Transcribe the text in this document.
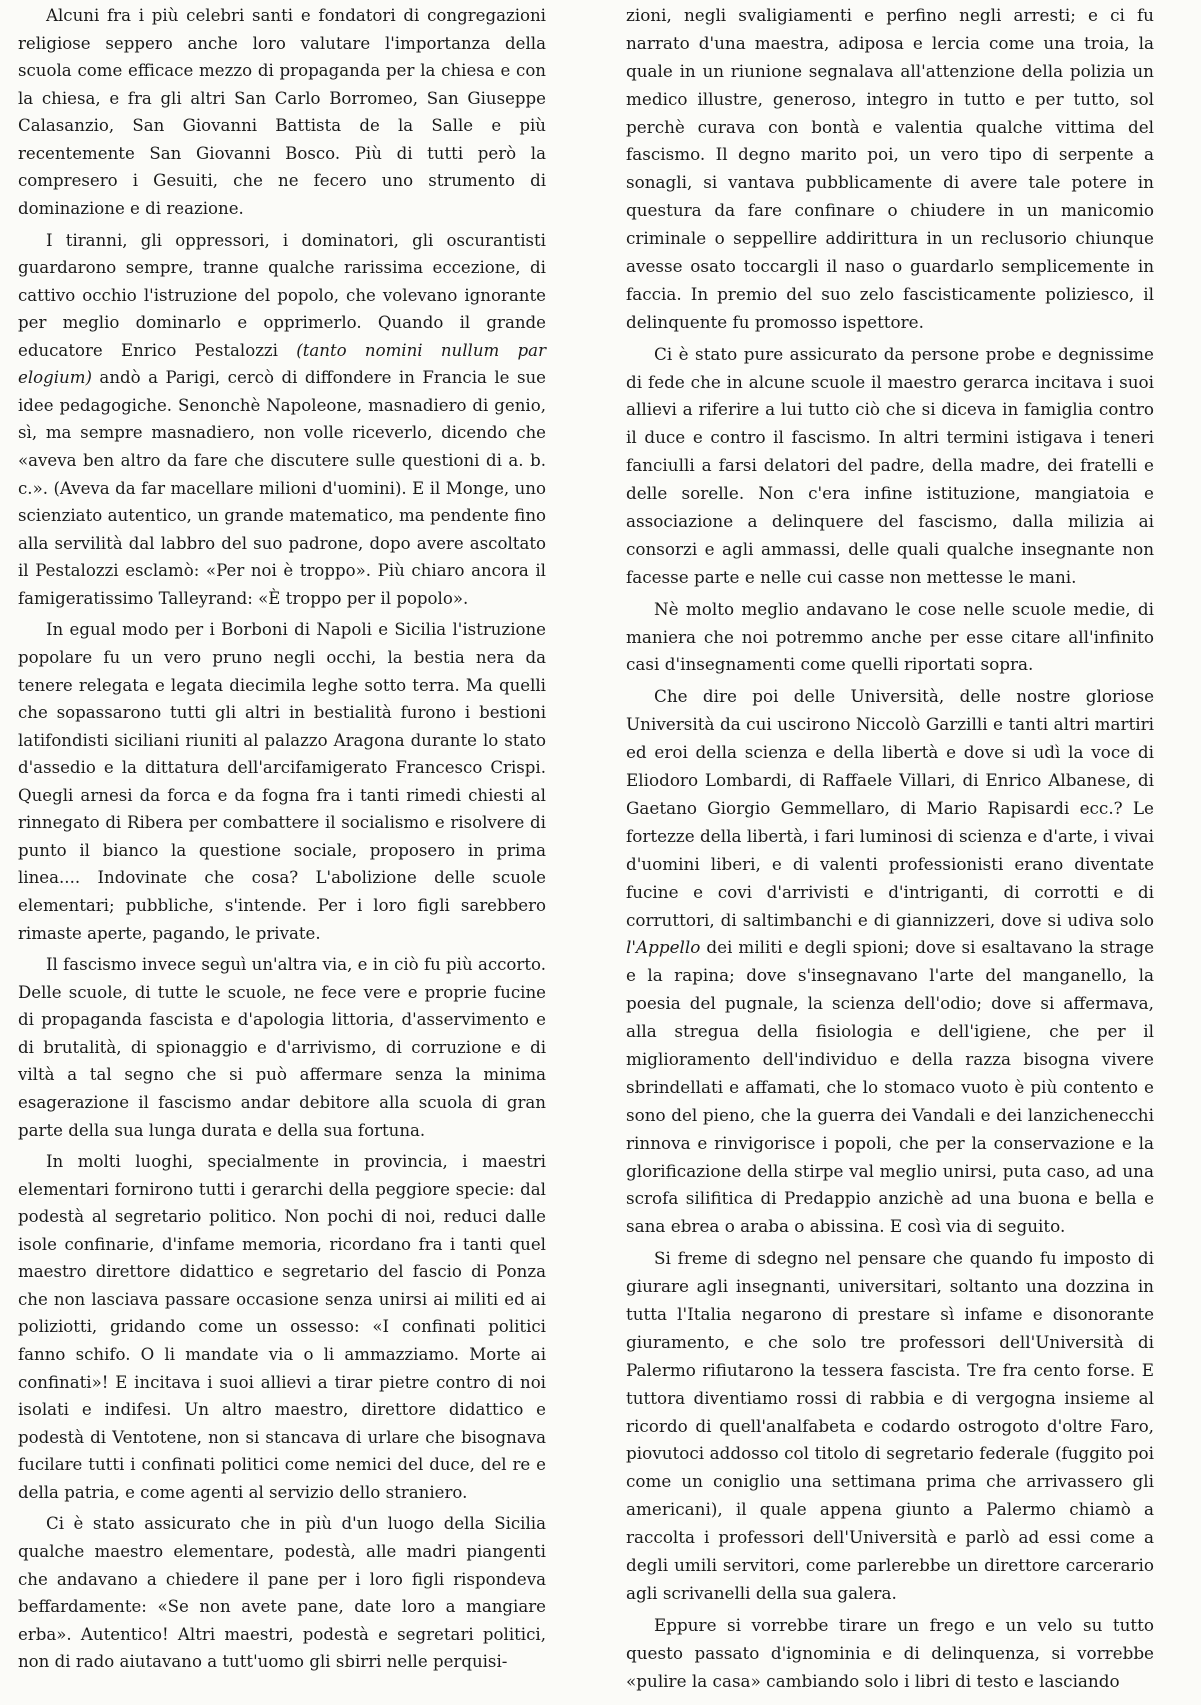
Alcuni fra i più celebri santi e fondatori di congregazioni religiose seppero anche loro valutare l'importanza della scuola come efficace mezzo di propaganda per la chiesa e con la chiesa, e fra gli altri San Carlo Borromeo, San Giuseppe Calasanzio, San Giovanni Battista de la Salle e più recentemente San Giovanni Bosco. Più di tutti però la compresero i Gesuiti, che ne fecero uno strumento di dominazione e di reazione.

I tiranni, gli oppressori, i dominatori, gli oscurantisti guardarono sempre, tranne qualche rarissima eccezione, di cattivo occhio l'istruzione del popolo, che volevano ignorante per meglio dominarlo e opprimerlo. Quando il grande educatore Enrico Pestalozzi (tanto nomini nullum par elogium) andò a Parigi, cercò di diffondere in Francia le sue idee pedagogiche. Senonchè Napoleone, masnadiero di genio, sì, ma sempre masnadiero, non volle riceverlo, dicendo che «aveva ben altro da fare che discutere sulle questioni di a. b. c.». (Aveva da far macellare milioni d'uomini). E il Monge, uno scienziato autentico, un grande matematico, ma pendente fino alla servilità dal labbro del suo padrone, dopo avere ascoltato il Pestalozzi esclamò: «Per noi è troppo». Più chiaro ancora il famigeratissimo Talleyrand: «È troppo per il popolo».

In egual modo per i Borboni di Napoli e Sicilia l'istruzione popolare fu un vero pruno negli occhi, la bestia nera da tenere relegata e legata diecimila leghe sotto terra. Ma quelli che sopassarono tutti gli altri in bestialità furono i bestioni latifondisti siciliani riuniti al palazzo Aragona durante lo stato d'assedio e la dittatura dell'arcifamigerato Francesco Crispi. Quegli arnesi da forca e da fogna fra i tanti rimedi chiesti al rinnegato di Ribera per combattere il socialismo e risolvere di punto il bianco la questione sociale, proposero in prima linea.... Indovinate che cosa? L'abolizione delle scuole elementari; pubbliche, s'intende. Per i loro figli sarebbero rimaste aperte, pagando, le private.

Il fascismo invece seguì un'altra via, e in ciò fu più accorto. Delle scuole, di tutte le scuole, ne fece vere e proprie fucine di propaganda fascista e d'apologia littoria, d'asservimento e di brutalità, di spionaggio e d'arrivismo, di corruzione e di viltà a tal segno che si può affermare senza la minima esagerazione il fascismo andar debitore alla scuola di gran parte della sua lunga durata e della sua fortuna.

In molti luoghi, specialmente in provincia, i maestri elementari fornirono tutti i gerarchi della peggiore specie: dal podestà al segretario politico. Non pochi di noi, reduci dalle isole confinarie, d'infame memoria, ricordano fra i tanti quel maestro direttore didattico e segretario del fascio di Ponza che non lasciava passare occasione senza unirsi ai militi ed ai poliziotti, gridando come un ossesso: «I confinati politici fanno schifo. O li mandate via o li ammazziamo. Morte ai confinati»! E incitava i suoi allievi a tirar pietre contro di noi isolati e indifesi. Un altro maestro, direttore didattico e podestà di Ventotene, non si stancava di urlare che bisognava fucilare tutti i confinati politici come nemici del duce, del re e della patria, e come agenti al servizio dello straniero.

Ci è stato assicurato che in più d'un luogo della Sicilia qualche maestro elementare, podestà, alle madri piangenti che andavano a chiedere il pane per i loro figli rispondeva beffardamente: «Se non avete pane, date loro a mangiare erba». Autentico! Altri maestri, podestà e segretari politici, non di rado aiutavano a tutt'uomo gli sbirri nelle perquisi-

zioni, negli svaligiamenti e perfino negli arresti; e ci fu narrato d'una maestra, adiposa e lercia come una troia, la quale in un riunione segnalava all'attenzione della polizia un medico illustre, generoso, integro in tutto e per tutto, sol perchè curava con bontà e valentia qualche vittima del fascismo. Il degno marito poi, un vero tipo di serpente a sonagli, si vantava pubblicamente di avere tale potere in questura da fare confinare o chiudere in un manicomio criminale o seppellire addirittura in un reclusorio chiunque avesse osato toccargli il naso o guardarlo semplicemente in faccia. In premio del suo zelo fascisticamente poliziesco, il delinquente fu promosso ispettore.

Ci è stato pure assicurato da persone probe e degnissime di fede che in alcune scuole il maestro gerarca incitava i suoi allievi a riferire a lui tutto ciò che si diceva in famiglia contro il duce e contro il fascismo. In altri termini istigava i teneri fanciulli a farsi delatori del padre, della madre, dei fratelli e delle sorelle. Non c'era infine istituzione, mangiatoia e associazione a delinquere del fascismo, dalla milizia ai consorzi e agli ammassi, delle quali qualche insegnante non facesse parte e nelle cui casse non mettesse le mani.

Nè molto meglio andavano le cose nelle scuole medie, di maniera che noi potremmo anche per esse citare all'infinito casi d'insegnamenti come quelli riportati sopra.

Che dire poi delle Università, delle nostre gloriose Università da cui uscirono Niccolò Garzilli e tanti altri martiri ed eroi della scienza e della libertà e dove si udì la voce di Eliodoro Lombardi, di Raffaele Villari, di Enrico Albanese, di Gaetano Giorgio Gemmellaro, di Mario Rapisardi ecc.? Le fortezze della libertà, i fari luminosi di scienza e d'arte, i vivai d'uomini liberi, e di valenti professionisti erano diventate fucine e covi d'arrivisti e d'intriganti, di corrotti e di corruttori, di saltimbanchi e di giannizzeri, dove si udiva solo l'Appello dei militi e degli spioni; dove si esaltavano la strage e la rapina; dove s'insegnavano l'arte del manganello, la poesia del pugnale, la scienza dell'odio; dove si affermava, alla stregua della fisiologia e dell'igiene, che per il miglioramento dell'individuo e della razza bisogna vivere sbrindellati e affamati, che lo stomaco vuoto è più contento e sono del pieno, che la guerra dei Vandali e dei lanzichenecchi rinnova e rinvigorisce i popoli, che per la conservazione e la glorificazione della stirpe val meglio unirsi, puta caso, ad una scrofa silifitica di Predappio anzichè ad una buona e bella e sana ebrea o araba o abissina. E così via di seguito.

Si freme di sdegno nel pensare che quando fu imposto di giurare agli insegnanti, universitari, soltanto una dozzina in tutta l'Italia negarono di prestare sì infame e disonorante giuramento, e che solo tre professori dell'Università di Palermo rifiutarono la tessera fascista. Tre fra cento forse. E tuttora diventiamo rossi di rabbia e di vergogna insieme al ricordo di quell'analfabeta e codardo ostrogoto d'oltre Faro, piovutoci addosso col titolo di segretario federale (fuggito poi come un coniglio una settimana prima che arrivassero gli americani), il quale appena giunto a Palermo chiamò a raccolta i professori dell'Università e parlò ad essi come a degli umili servitori, come parlerebbe un direttore carcerario agli scrivanelli della sua galera.

Eppure si vorrebbe tirare un frego e un velo su tutto questo passato d'ignominia e di delinquenza, si vorrebbe «pulire la casa» cambiando solo i libri di testo e lasciando
